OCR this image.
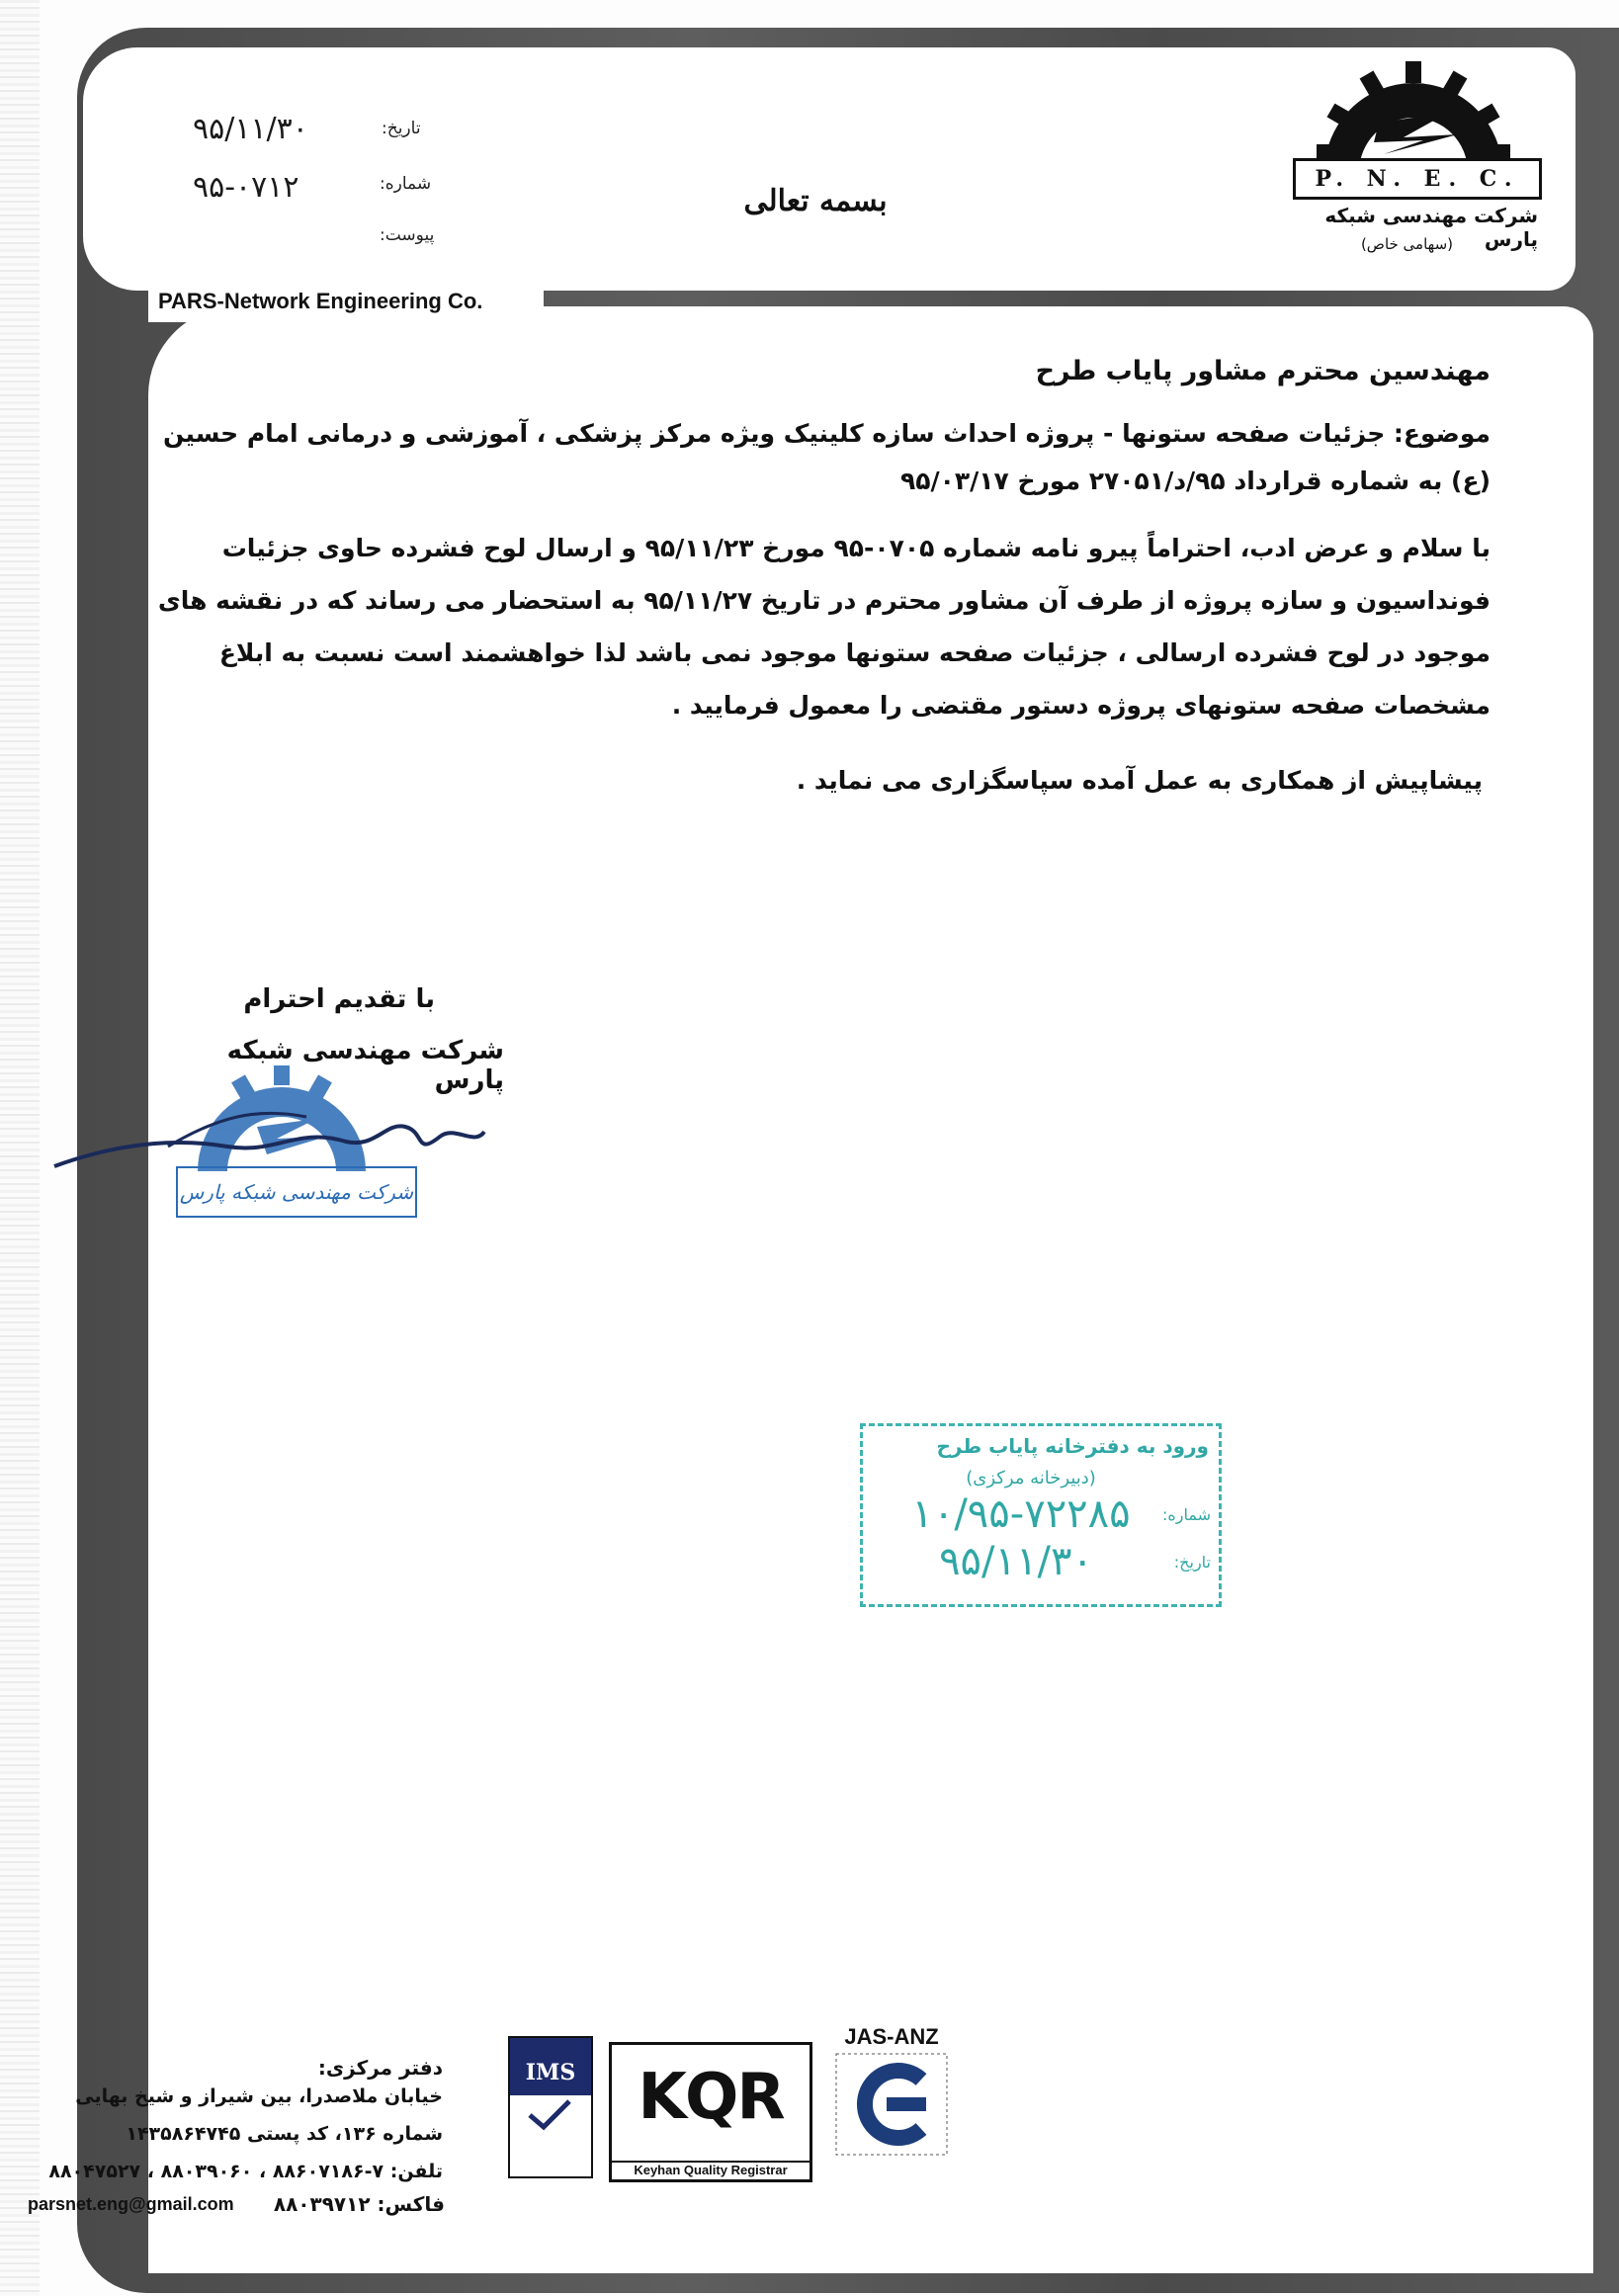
تاریخ:
۹۵/۱۱/۳۰
شماره:
۹۵-۰۷۱۲
پیوست:
بسمه تعالی
PARS-Network Engineering Co.
P. N. E. C.
شرکت مهندسی شبکه پارس
(سهامی خاص)
مهندسین محترم مشاور پایاب طرح
موضوع: جزئیات صفحه ستونها - پروژه احداث سازه کلینیک ویژه مرکز پزشکی ، آموزشی و درمانی امام حسین
(ع) به شماره قرارداد ۹۵/د/۲۷۰۵۱ مورخ ۹۵/۰۳/۱۷
با سلام و عرض ادب، احتراماً پیرو نامه شماره ۰۷۰۵-۹۵ مورخ ۹۵/۱۱/۲۳ و ارسال لوح فشرده حاوی جزئیات
فونداسیون و سازه پروژه از طرف آن مشاور محترم در تاریخ ۹۵/۱۱/۲۷ به استحضار می رساند که در نقشه های
موجود در لوح فشرده ارسالی ، جزئیات صفحه ستونها موجود نمی باشد لذا خواهشمند است نسبت به ابلاغ
مشخصات صفحه ستونهای پروژه دستور مقتضی را معمول فرمایید .
پیشاپیش از همکاری به عمل آمده سپاسگزاری می نماید .
با تقدیم احترام
شرکت مهندسی شبکه پارس
شرکت مهندسی شبکه پارس
ورود به دفترخانه پایاب طرح
(دبیرخانه مرکزی)
شماره:
۱۰/۹۵-۷۲۲۸۵
تاریخ:
۹۵/۱۱/۳۰
دفتر مرکزی:
خیابان ملاصدرا، بین شیراز و شیخ بهایی
شماره ۱۳۶، کد پستی ۱۴۳۵۸۶۴۷۴۵
تلفن: ۷-۸۸۶۰۷۱۸۶ ، ۸۸۰۳۹۰۶۰ ، ۸۸۰۴۷۵۲۷
parsnet.eng@gmail.com	فاکس: ۸۸۰۳۹۷۱۲
IMS KQR
Keyhan Quality Registrar
JAS-ANZ
